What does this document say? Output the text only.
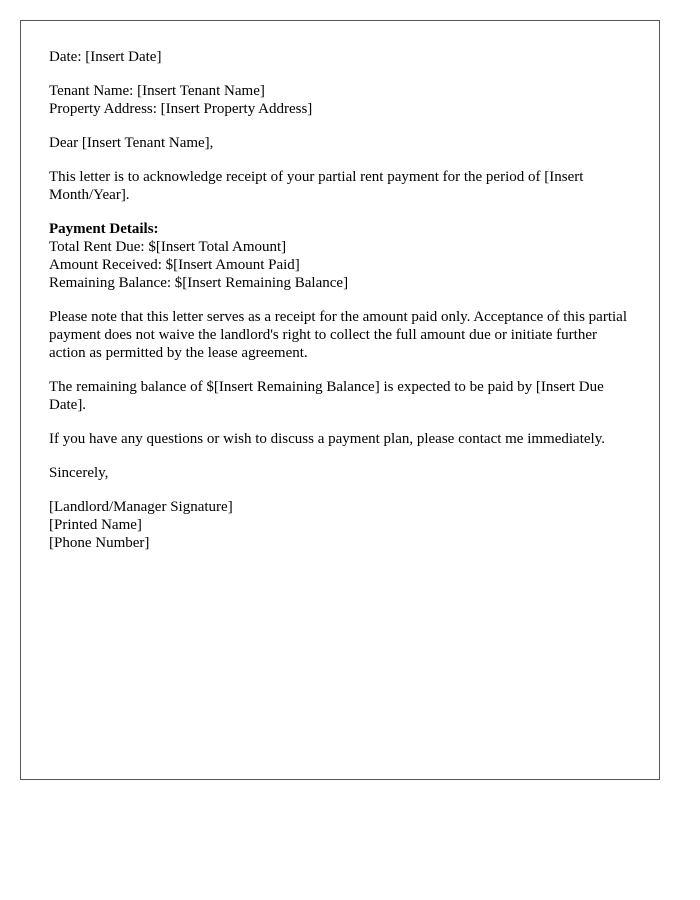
Date: [Insert Date]

Tenant Name: [Insert Tenant Name]
Property Address: [Insert Property Address]

Dear [Insert Tenant Name],

This letter is to acknowledge receipt of your partial rent payment for the period of [Insert Month/Year].

Payment Details:
Total Rent Due: $[Insert Total Amount]
Amount Received: $[Insert Amount Paid]
Remaining Balance: $[Insert Remaining Balance]

Please note that this letter serves as a receipt for the amount paid only. Acceptance of this partial payment does not waive the landlord's right to collect the full amount due or initiate further action as permitted by the lease agreement.

The remaining balance of $[Insert Remaining Balance] is expected to be paid by [Insert Due Date].

If you have any questions or wish to discuss a payment plan, please contact me immediately.

Sincerely,

[Landlord/Manager Signature]
[Printed Name]
[Phone Number]
